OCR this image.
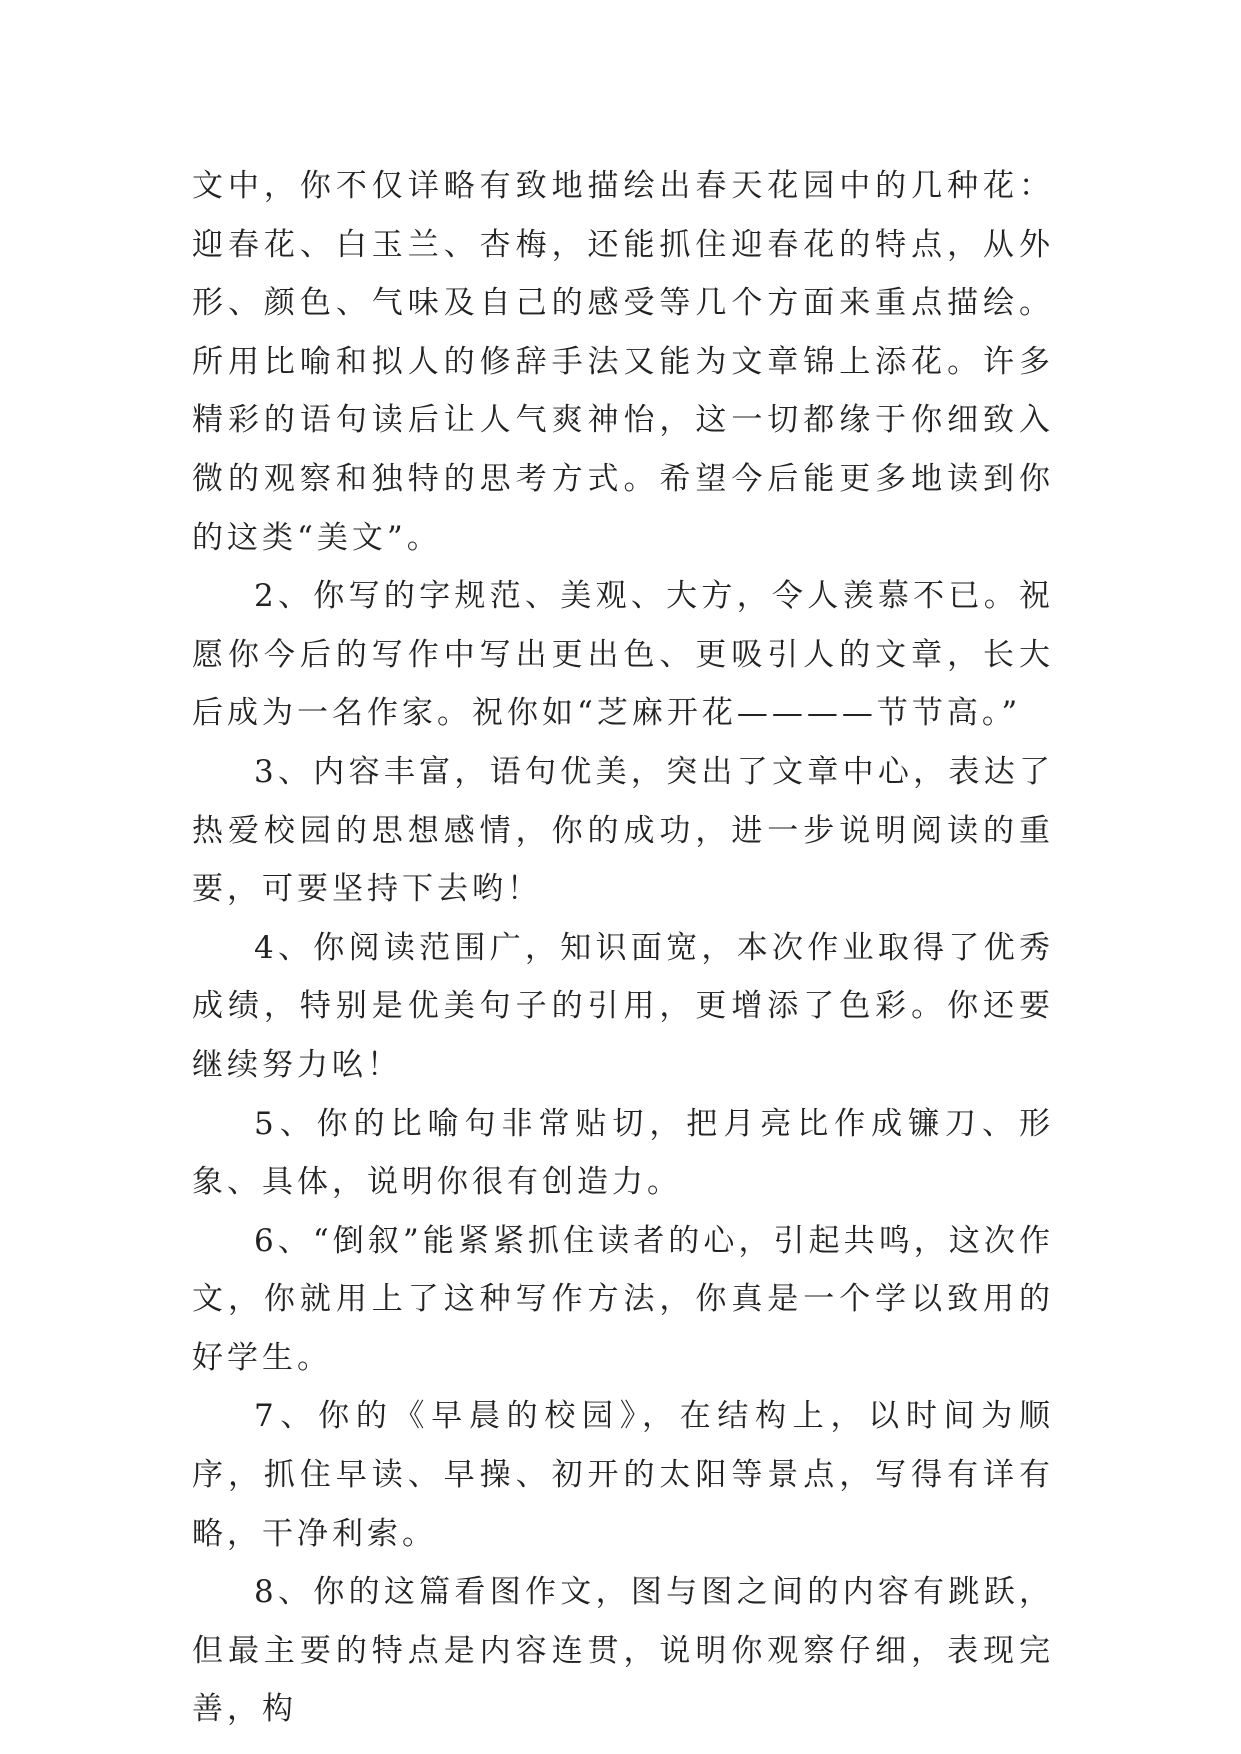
文中，你不仅详略有致地描绘出春天花园中的几种花：迎春花、白玉兰、杏梅，还能抓住迎春花的特点，从外形、颜色、气味及自己的感受等几个方面来重点描绘。所用比喻和拟人的修辞手法又能为文章锦上添花。许多精彩的语句读后让人气爽神怡，这一切都缘于你细致入微的观察和独特的思考方式。希望今后能更多地读到你的这类“美文”。

2、你写的字规范、美观、大方，令人羡慕不已。祝愿你今后的写作中写出更出色、更吸引人的文章，长大后成为一名作家。祝你如“芝麻开花————节节高。”

3、内容丰富，语句优美，突出了文章中心，表达了热爱校园的思想感情，你的成功，进一步说明阅读的重要，可要坚持下去哟！

4、你阅读范围广，知识面宽，本次作业取得了优秀成绩，特别是优美句子的引用，更增添了色彩。你还要继续努力吆！

5、你的比喻句非常贴切，把月亮比作成镰刀、形象、具体，说明你很有创造力。

6、“倒叙”能紧紧抓住读者的心，引起共鸣，这次作文，你就用上了这种写作方法，你真是一个学以致用的好学生。

7、你的《早晨的校园》，在结构上，以时间为顺序，抓住早读、早操、初开的太阳等景点，写得有详有略，干净利索。

8、你的这篇看图作文，图与图之间的内容有跳跃，但最主要的特点是内容连贯，说明你观察仔细，表现完善，构
